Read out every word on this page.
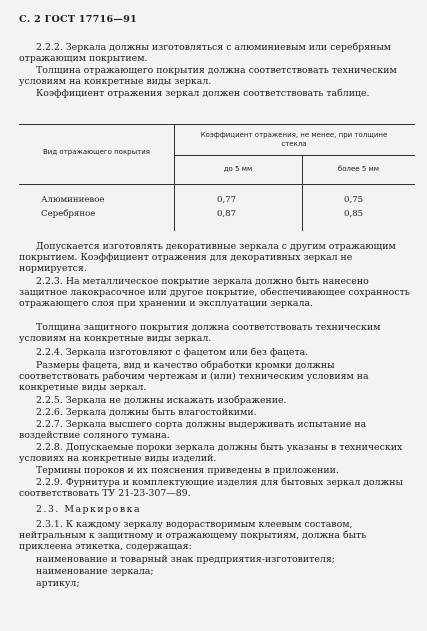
С. 2 ГОСТ 17716—91

2.2.2. Зеркала должны изготовляться с алюминиевым или серебряным отражающим покрытием.

Толщина отражающего покрытия должна соответствовать техническим условиям на конкретные виды зеркал.

Коэффициент отражения зеркал должен соответствовать таблице.

Вид отражающего покрытия
Коэффициент отражения, не менее, при толщине стекла
до 5 мм	более 5 мм
Алюминиевое	0,77	0,75
Серебряное	0,87	0,85

Допускается изготовлять декоративные зеркала с другим отражающим покрытием. Коэффициент отражения для декоративных зеркал не нормируется.

2.2.3. На металлическое покрытие зеркала должно быть нанесено защитное лакокрасочное или другое покрытие, обеспечивающее сохранность отражающего слоя при хранении и эксплуатации зеркала.

Толщина защитного покрытия должна соответствовать техническим условиям на конкретные виды зеркал.

2.2.4. Зеркала изготовляют с фацетом или без фацета.

Размеры фацета, вид и качество обработки кромки должны соответствовать рабочим чертежам и (или) техническим условиям на конкретные виды зеркал.

2.2.5. Зеркала не должны искажать изображение.

2.2.6. Зеркала должны быть влагостойкими.

2.2.7. Зеркала высшего сорта должны выдерживать испытание на воздействие соляного тумана.

2.2.8. Допускаемые пороки зеркала должны быть указаны в технических условиях на конкретные виды изделий.

Термины пороков и их пояснения приведены в приложении.

2.2.9. Фурнитура и комплектующие изделия для бытовых зеркал должны соответствовать ТУ 21-23-307—89.

2.3. Маркировка

2.3.1. К каждому зеркалу водорастворимым клеевым составом, нейтральным к защитному и отражающему покрытиям, должна быть приклеена этикетка, содержащая:

наименование и товарный знак предприятия-изготовителя;

наименование зеркала;

артикул;
